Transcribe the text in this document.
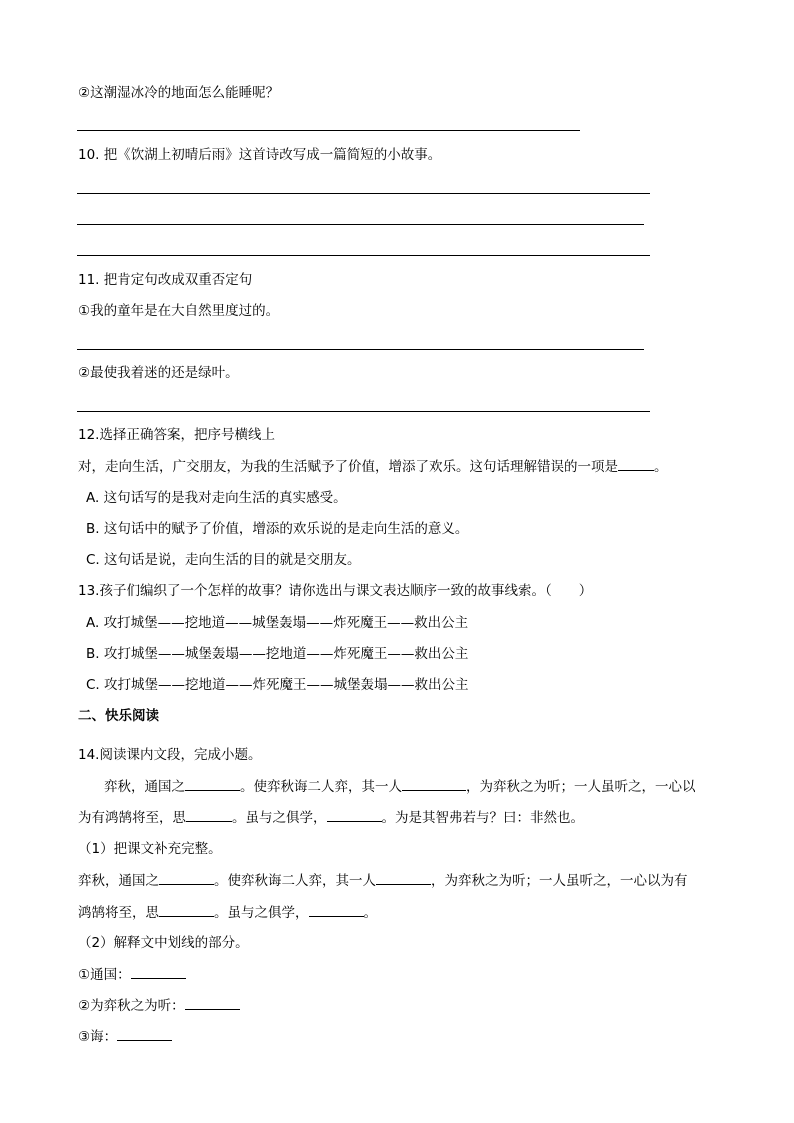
②这潮湿冰冷的地面怎么能睡呢？
10. 把《饮湖上初晴后雨》这首诗改写成一篇简短的小故事。
11. 把肯定句改成双重否定句
①我的童年是在大自然里度过的。
②最使我着迷的还是绿叶。
12.选择正确答案，把序号横线上
对，走向生活，广交朋友，为我的生活赋予了价值，增添了欢乐。这句话理解错误的一项是	。
A. 这句话写的是我对走向生活的真实感受。
B. 这句话中的赋予了价值，增添的欢乐说的是走向生活的意义。
C. 这句话是说，走向生活的目的就是交朋友。
13.孩子们编织了一个怎样的故事？请你选出与课文表达顺序一致的故事线索。（　　）
A. 攻打城堡——挖地道——城堡轰塌——炸死魔王——救出公主
B. 攻打城堡——城堡轰塌——挖地道——炸死魔王——救出公主
C. 攻打城堡——挖地道——炸死魔王——城堡轰塌——救出公主
二、快乐阅读
14.阅读课内文段，完成小题。
弈秋，通国之	。使弈秋诲二人弈，其一人	，为弈秋之为听；一人虽听之，一心以
为有鸿鹄将至，思	。虽与之俱学，	。为是其智弗若与？曰：非然也。
（1）把课文补充完整。
弈秋，通国之	。使弈秋诲二人弈，其一人	，为弈秋之为听；一人虽听之，一心以为有
鸿鹄将至，思	。虽与之俱学，	。
（2）解释文中划线的部分。
①通国：
②为弈秋之为听：
③诲：
